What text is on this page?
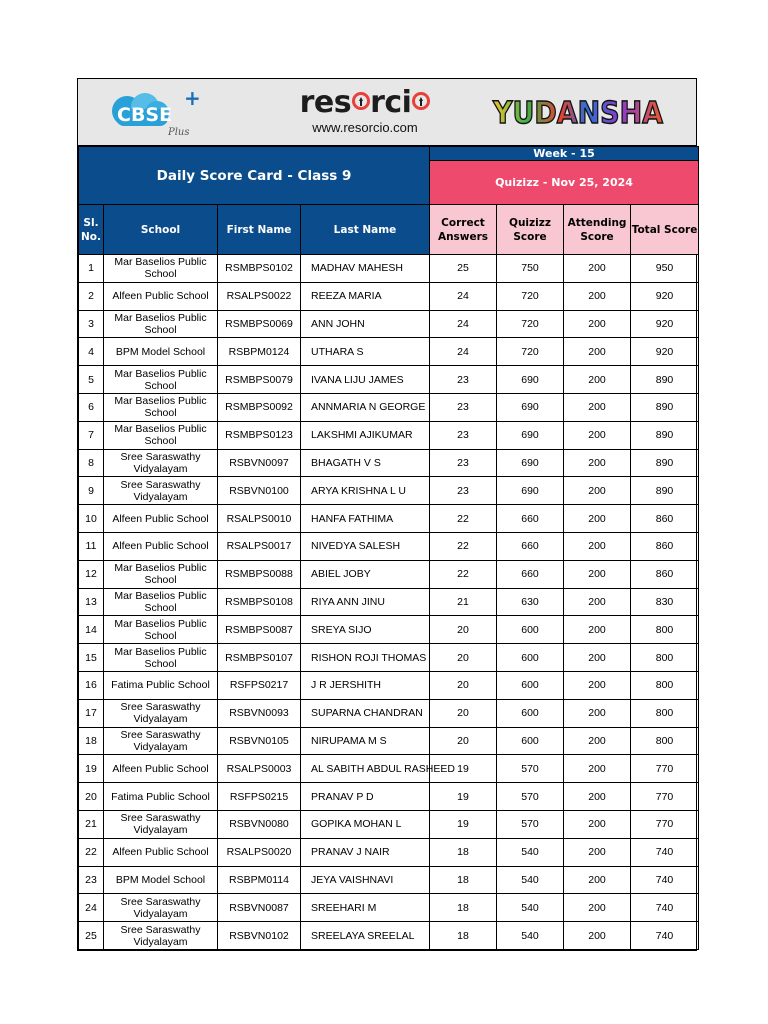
CBSE
+
Plus
res rci
www.resorcio.com	YUDANSHA
Daily Score Card - Class 9				Week - 15			
				Quizizz - Nov 25, 2024			
Sl. No.	School	First Name	Last Name	Correct Answers	Quizizz Score	Attending Score	Total Score
1	Mar Baselios Public School	RSMBPS0102	MADHAV MAHESH	25	750	200	950
2	Alfeen Public School	RSALPS0022	REEZA MARIA	24	720	200	920
3	Mar Baselios Public School	RSMBPS0069	ANN JOHN	24	720	200	920
4	BPM Model School	RSBPM0124	UTHARA S	24	720	200	920
5	Mar Baselios Public School	RSMBPS0079	IVANA LIJU JAMES	23	690	200	890
6	Mar Baselios Public School	RSMBPS0092	ANNMARIA N GEORGE	23	690	200	890
7	Mar Baselios Public School	RSMBPS0123	LAKSHMI AJIKUMAR	23	690	200	890
8	Sree Saraswathy Vidyalayam	RSBVN0097	BHAGATH V S	23	690	200	890
9	Sree Saraswathy Vidyalayam	RSBVN0100	ARYA KRISHNA L U	23	690	200	890
10	Alfeen Public School	RSALPS0010	HANFA FATHIMA	22	660	200	860
11	Alfeen Public School	RSALPS0017	NIVEDYA SALESH	22	660	200	860
12	Mar Baselios Public School	RSMBPS0088	ABIEL JOBY	22	660	200	860
13	Mar Baselios Public School	RSMBPS0108	RIYA ANN JINU	21	630	200	830
14	Mar Baselios Public School	RSMBPS0087	SREYA SIJO	20	600	200	800
15	Mar Baselios Public School	RSMBPS0107	RISHON ROJI THOMAS	20	600	200	800
16	Fatima Public School	RSFPS0217	J R JERSHITH	20	600	200	800
17	Sree Saraswathy Vidyalayam	RSBVN0093	SUPARNA CHANDRAN	20	600	200	800
18	Sree Saraswathy Vidyalayam	RSBVN0105	NIRUPAMA M S	20	600	200	800
19	Alfeen Public School	RSALPS0003	AL SABITH ABDUL RASHEED	19	570	200	770
20	Fatima Public School	RSFPS0215	PRANAV P D	19	570	200	770
21	Sree Saraswathy Vidyalayam	RSBVN0080	GOPIKA MOHAN L	19	570	200	770
22	Alfeen Public School	RSALPS0020	PRANAV J NAIR	18	540	200	740
23	BPM Model School	RSBPM0114	JEYA VAISHNAVI	18	540	200	740
24	Sree Saraswathy Vidyalayam	RSBVN0087	SREEHARI M	18	540	200	740
25	Sree Saraswathy Vidyalayam	RSBVN0102	SREELAYA SREELAL	18	540	200	740
